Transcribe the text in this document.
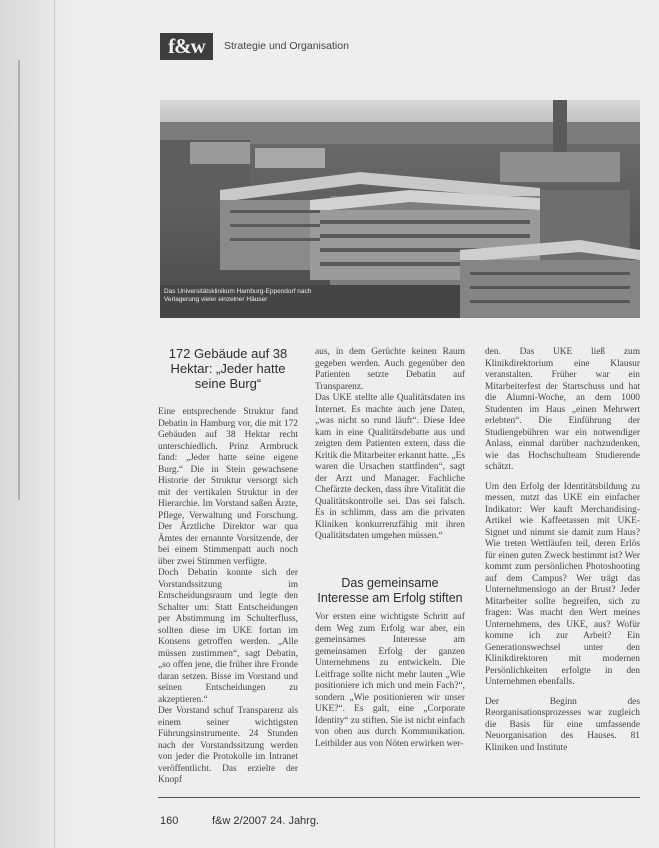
f&w	Strategie und Organisation
Das Universitätsklinikum Hamburg-Eppendorf nach Verlagerung vieler einzelner Häuser
172 Gebäude auf 38 Hektar: „Jeder hatte seine Burg“

Eine entsprechende Struktur fand Debatin in Hamburg vor, die mit 172 Gebäuden auf 38 Hektar recht unterschiedlich. Prinz Armbruck fand: „Jeder hatte seine eigene Burg.“ Die in Stein gewachsene Historie der Struktur versorgt sich mit der vertikalen Struktur in der Hierarchie. Im Vorstand saßen Ärzte, Pflege, Verwaltung und Forschung. Der Ärztliche Direktor war qua Ämtes der ernannte Vorsitzende, der bei einem Stimmenpatt auch noch über zwei Stimmen verfügte.

Doch Debatin konnte sich der Vorstandssitzung im Entscheidungsraum und legte den Schalter um: Statt Entscheidungen per Abstimmung im Schulterfluss, sollten diese im UKE fortan im Konsens getroffen werden. „Alle müssen zustimmen“, sagt Debatin, „so offen jene, die früher ihre Fronde daran setzen. Bisse im Vorstand und seinen Entscheidungen zu akzeptieren.“

Der Vorstand schuf Transparenz als einem seiner wichtigsten Führungsinstrumente. 24 Stunden nach der Vorstandssitzung werden von jeder die Protokolle im Intranet veröffentlicht. Das erzielte der Knopf

aus, in dem Gerüchte keinen Raum gegeben werden. Auch gegenüber den Patienten setzte Debatin auf Transparenz.

Das UKE stellte alle Qualitätsdaten ins Internet. Es machte auch jene Daten, „was nicht so rund läuft“. Diese Idee kam in eine Qualitätsdebatte aus und zeigten dem Patienten extern, dass die Kritik die Mitarbeiter erkannt hatte. „Es waren die Ursachen stattfinden“, sagt der Arzt und Manager. Fachliche Chefärzte decken, dass ihre Vitalität die Qualitätskontrolle sei. Das sei falsch. Es in schlimm, dass am die privaten Kliniken konkurrenzfähig mit ihren Qualitätsdaten umgehen müssen.“

Das gemeinsame Interesse am Erfolg stiften

Vor ersten eine wichtigste Schritt auf dem Weg zum Erfolg war aber, ein gemeinsames Interesse am gemeinsamen Erfolg der ganzen Unternehmens zu entwickeln. Die Leitfrage sollte nicht mehr lauten „Wie positioniere ich mich und mein Fach?“, sondern „Wie positionieren wir unser UKE?“. Es galt, eine „Corporate Identity“ zu stiften. Sie ist nicht einfach von oben aus durch Kommunikation. Leitbilder aus von Nöten erwirken wer-

den. Das UKE ließ zum Klinikdirektorium eine Klausur veranstalten. Früher war ein Mitarbeiterfest der Startschuss und hat die Alumni-Woche, an dem 1000 Studenten im Haus „einen Mehrwert erlebten“. Die Einführung der Studiengebühren war ein notwendiger Anlass, einmal darüber nachzudenken, wie das Hochschulteam Studierende schätzt.

Um den Erfolg der Identitätsbildung zu messen, nutzt das UKE ein einfacher Indikator: Wer kauft Merchandising-Artikel wie Kaffeetassen mit UKE-Signet und nimmt sie damit zum Haus? Wie treten Wettläufen teil, deren Erlös für einen guten Zweck bestimmt ist? Wer kommt zum persönlichen Photoshooting auf dem Campus? Wer trägt das Unternehmenslogo an der Brust? Jeder Mitarbeiter sollte begreifen, sich zu fragen: Was macht den Wert meines Unternehmens, des UKE, aus? Wofür komme ich zur Arbeit? Ein Generationswechsel unter den Klinikdirektoren mit modernen Persönlichkeiten erfolgte in den Unternehmen ebenfalls.

Der Beginn des Reorganisationsprozesses war zugleich die Basis für eine umfassende Neuorganisation des Hauses. 81 Kliniken und Institute

160	f&w 2/2007 24. Jahrg.
